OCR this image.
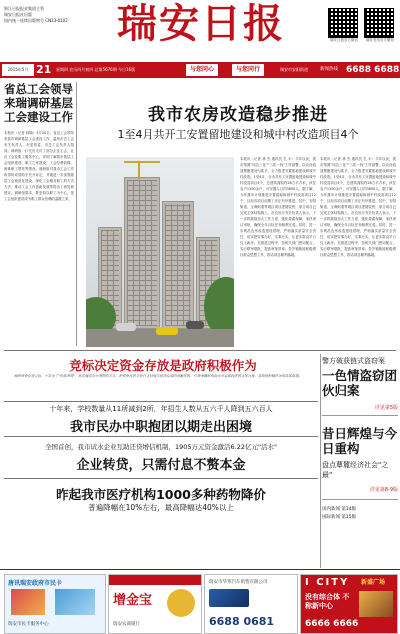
浙江日报报业集团主管
瑞安日报社出版
国内统一连续出版物号 CN33-0102	瑞安日报	瑞安日报官方微信	瑞安发布官方微信
2015年5月 21 星期四 农历四月初四 总第5676期 今日16版	与您同心	与您同行	瑞安市安阳街道	新闻热线 6688 6688
省总工会领导来瑞调研基层工会建设工作
本报讯（记者 林晓）5月20日，省总工会领导来我市调研基层工会建设工作，温州市总工会有关负责人，市委常委、市总工会负责人陪同。调研组一行先后走访了部分企业工会、社区工会及职工服务中心，详细了解我市基层工会组织建设、职工之家建设、工会经费收缴、困难职工帮扶等情况。调研组对我市工会工作取得的成绩给予充分肯定，并就进一步加强基层工会规范化建设、深化工会服务职工的方式方法、推动工会工作创新发展等提出了意见和建议。调研组要求，要坚持以职工为中心，把工会组织建设成为职工群众信赖的温暖之家。
我市农房改造稳步推进
1至4月共开工安置留地建设和城中村改造项目4个
本报讯（记者 林 杰 通讯员 孔 宇）今年以来，我市按照"四边三化""三改一拆"工作部署，以农房改造集聚建设为抓手，全力推进安置留地建设和城中村改造。1至4月，全市共开工安置留地建设和城中村改造项目4个，总建筑面积约28万平方米，涉及农户1100余户，可安置人口约3800人。据了解，今年我市计划推进安置留地和城中村改造项目12个，目前各项目前期工作正有序推进。其中，安阳街道、玉海街道等城区项目进展较快，部分项目已完成主体结构施工。市农房办有关负责人表示，下一步将继续加大工作力度，强化要素保障，加快项目审批，确保全年目标任务顺利完成。同时，进一步规范农房改造建设管理，严格落实质量安全责任，切实把好事办好、实事办实，让更多群众早日住上新房。在推进过程中，各相关部门密切配合，实行联审联批，提高审批效率；各乡镇街道积极做好群众思想工作，推动项目顺利落地。
本报讯（记者 林 杰 通讯员 孔 宇）今年以来，我市按照"四边三化""三改一拆"工作部署，以农房改造集聚建设为抓手，全力推进安置留地建设和城中村改造。1至4月，全市共开工安置留地建设和城中村改造项目4个，总建筑面积约28万平方米，涉及农户1100余户，可安置人口约3800人。据了解，今年我市计划推进安置留地和城中村改造项目12个，目前各项目前期工作正有序推进。其中，安阳街道、玉海街道等城区项目进展较快，部分项目已完成主体结构施工。市农房办有关负责人表示，下一步将继续加大工作力度，强化要素保障，加快项目审批，确保全年目标任务顺利完成。同时，进一步规范农房改造建设管理，严格落实质量安全责任，切实把好事办好、实事办实，让更多群众早日住上新房。在推进过程中，各相关部门密切配合，实行联审联批，提高审批效率；各乡镇街道积极做好群众思想工作，推动项目顺利落地。
竞标决定资金存放是政府积极作为
财政资金存放竞标，不是为了"价高者得"，而是通过公开透明的方式，把资金存放与银行支持地方经济发展的贡献挂钩，引导金融机构加大对实体经济的支持力度，是政府积极作为的具体体现。
十年来，学校数量从11所减到2所，年招生人数从五六千人降到五六百人
我市民办中职抱团以期走出困境
全国首创，我市试水企业互助还贷增信机制，1905万元资金激活6.22亿元"活水"
企业转贷，只需付息不赘本金
昨起我市医疗机构1000多种药物降价
普遍降幅在10%左右，最高降幅达40%以上
警方破获链式盗窃案
一色情盗窃团伙归案
详见第5版
昔日辉煌与今日重构
盘点蕈麓经济社会"之最"
详见第8-9版
国内新闻 第14版
国际新闻 第15版
唐讯瑞安政府市民卡
瑞安市民卡服务中心
增金宝
瑞安农商银行
瑞安市华邦汽车销售有限公司
6688 0681
I CITY 新盛广场
没有综合体 不称新中心
6666 6666
